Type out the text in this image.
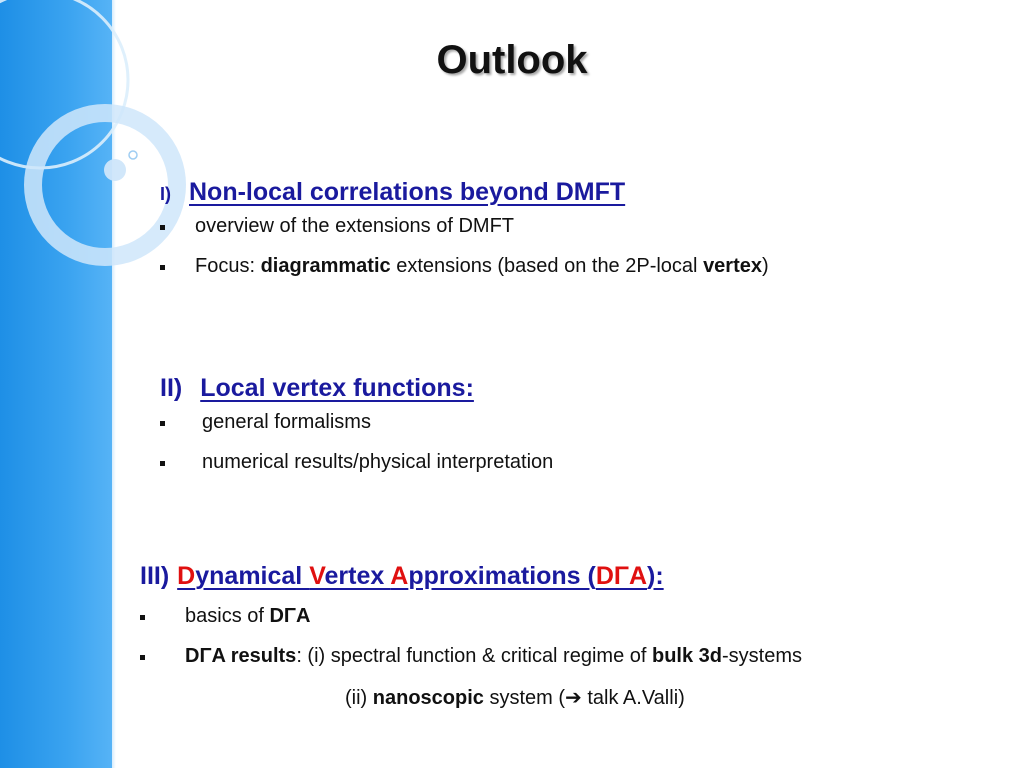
Outlook
I) Non-local correlations beyond DMFT
overview of the extensions of DMFT
Focus: diagrammatic extensions (based on the 2P-local vertex)
II) Local vertex functions:
general formalisms
numerical results/physical interpretation
III) Dynamical Vertex Approximations (DΓA):
basics of DΓA
DΓA results: (i) spectral function & critical regime of bulk 3d-systems
(ii) nanoscopic system (➔ talk A.Valli)
